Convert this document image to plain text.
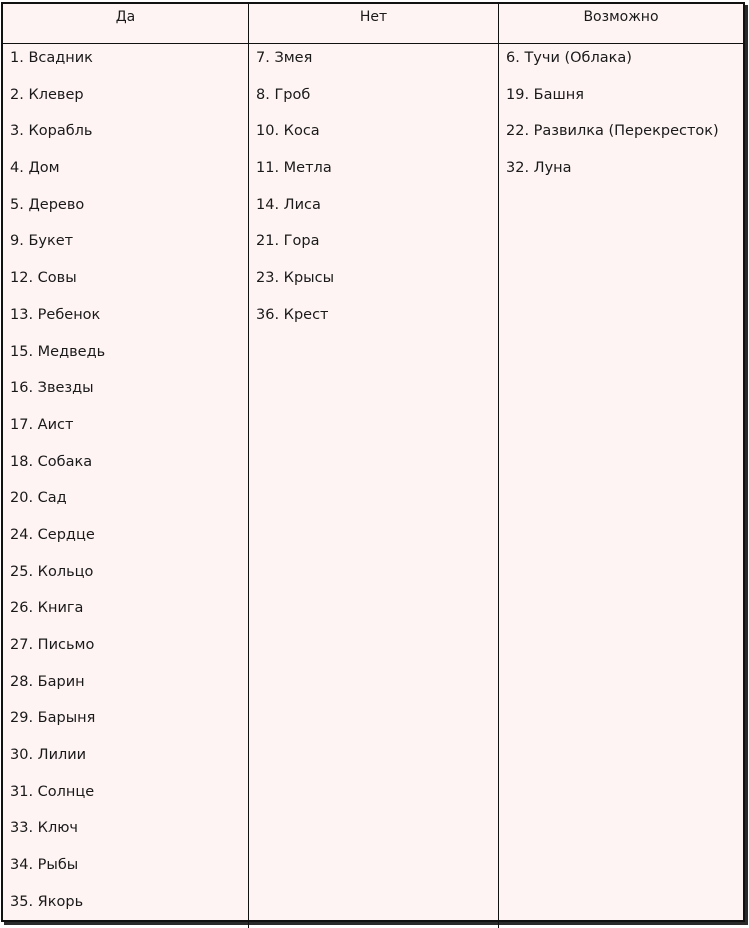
Да	Нет	Возможно
1. Всадник
2. Клевер
3. Корабль
4. Дом
5. Дерево
9. Букет
12. Совы
13. Ребенок
15. Медведь
16. Звезды
17. Аист
18. Собака
20. Сад
24. Сердце
25. Кольцо
26. Книга
27. Письмо
28. Барин
29. Барыня
30. Лилии
31. Солнце
33. Ключ
34. Рыбы
35. Якорь
7. Змея
8. Гроб
10. Коса
11. Метла
14. Лиса
21. Гора
23. Крысы
36. Крест
6. Тучи (Облака)
19. Башня
22. Развилка (Перекресток)
32. Луна
